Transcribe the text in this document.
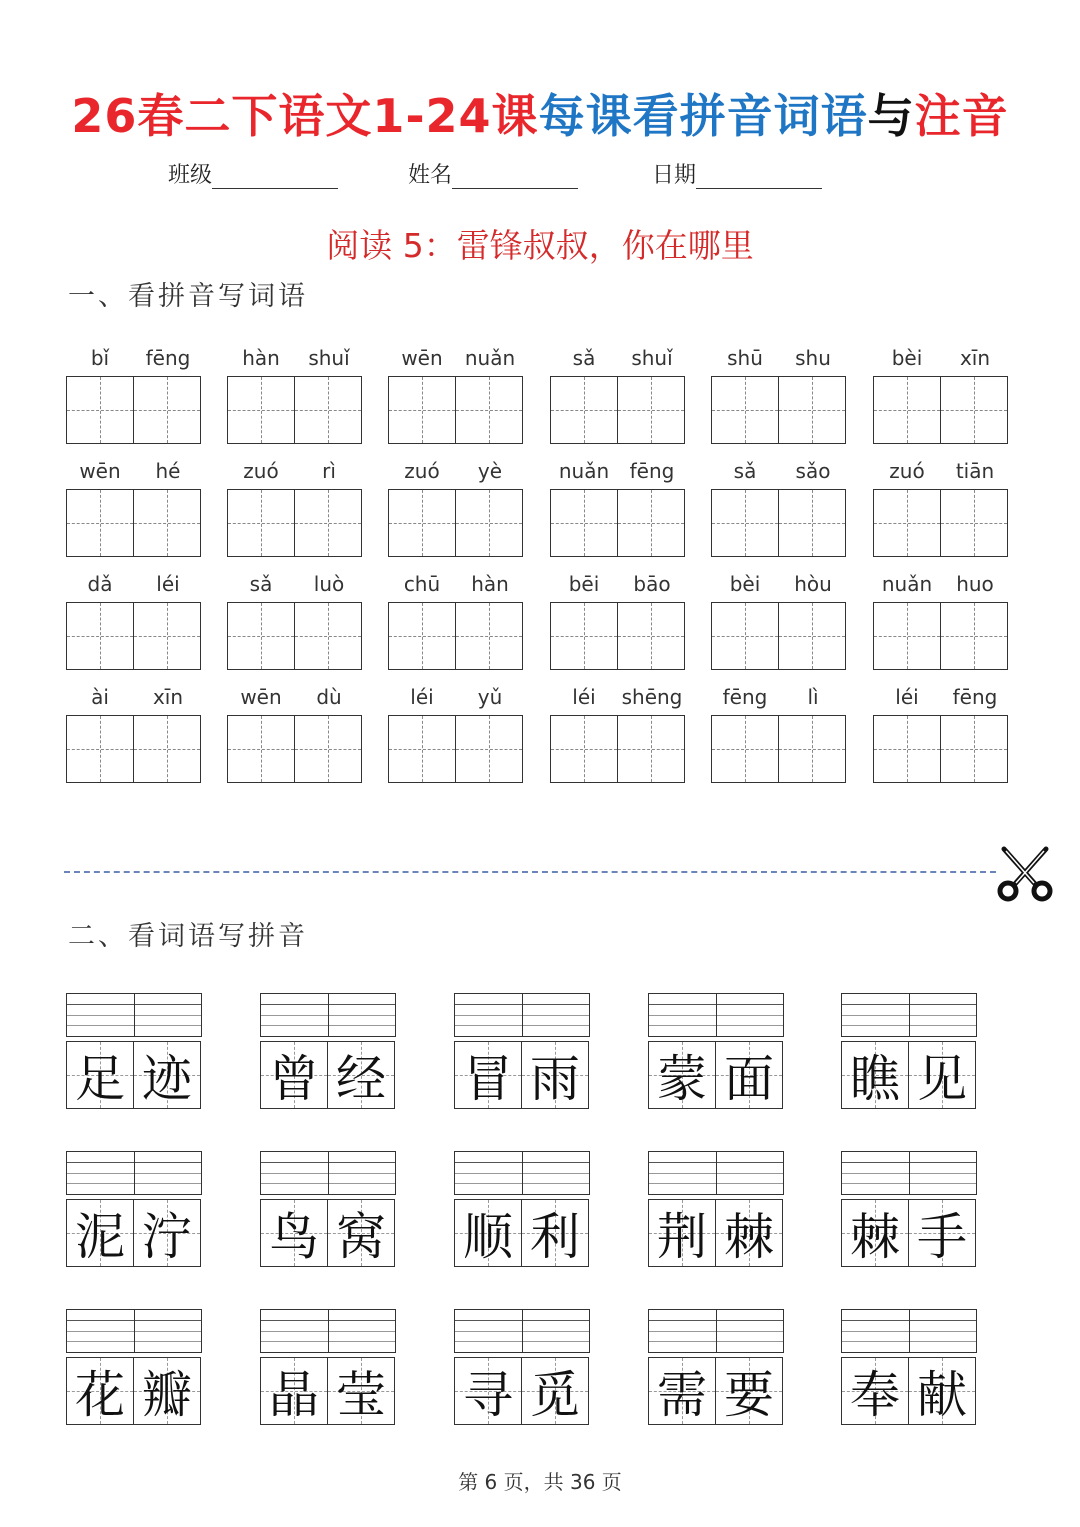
26春二下语文1-24课每课看拼音词语与注音
班级	姓名	日期
阅读 5：雷锋叔叔，你在哪里
一、看拼音写词语
bǐ	fēng	hàn	shuǐ	wēn	nuǎn	sǎ	shuǐ	shū	shu	bèi	xīn
wēn	hé	zuó	rì	zuó	yè	nuǎn	fēng	sǎ	sǎo	zuó	tiān
dǎ	léi	sǎ	luò	chū	hàn	bēi	bāo	bèi	hòu	nuǎn	huo
ài	xīn	wēn	dù	léi	yǔ	léi	shēng	fēng	lì	léi	fēng
二、看词语写拼音
足 迹 曾 经 冒 雨 蒙 面 瞧 见
泥 泞 鸟 窝 顺 利 荆 棘 棘 手
花 瓣 晶 莹 寻 觅 需 要 奉 献
第 6 页，共 36 页
